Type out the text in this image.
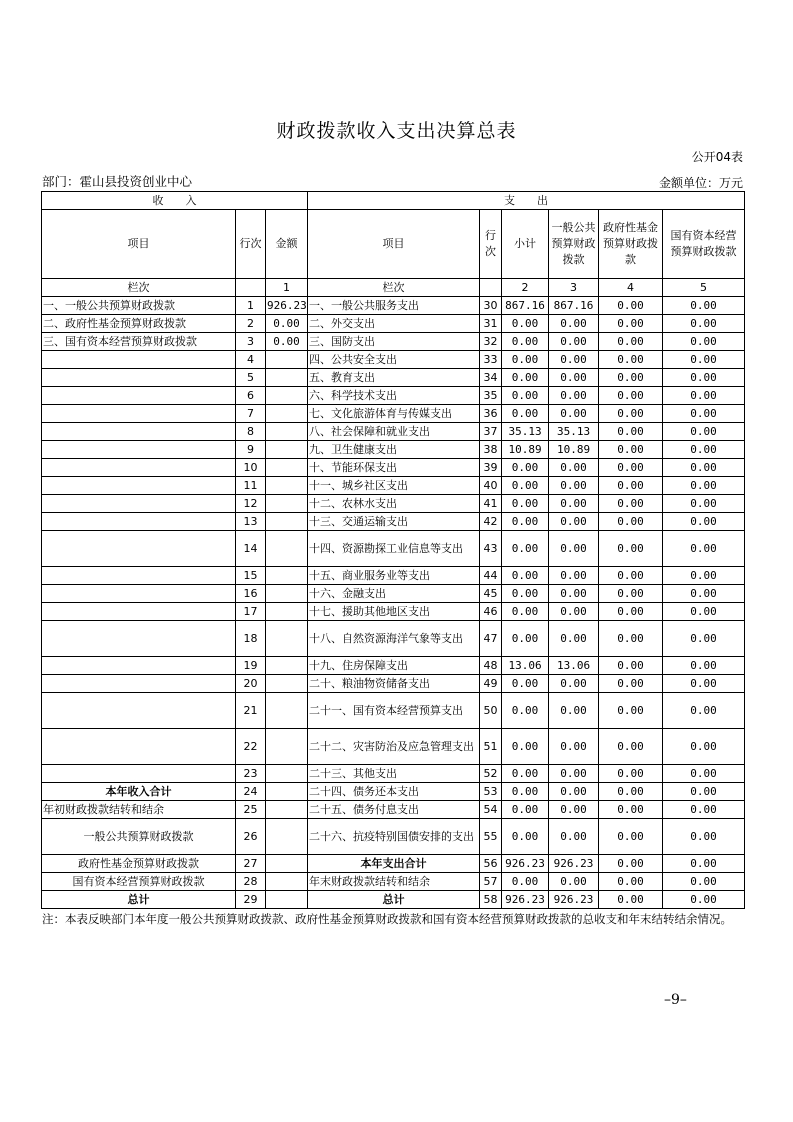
财政拨款收入支出决算总表
公开04表
部门：霍山县投资创业中心	金额单位：万元
收　　入			支　　出					
项目	行次	金额	项目	行次	小计	一般公共预算财政拨款	政府性基金预算财政拨款	国有资本经营预算财政拨款
栏次		1	栏次		2	3	4	5
一、一般公共预算财政拨款	1	926.23	一、一般公共服务支出	30	867.16	867.16	0.00	0.00
二、政府性基金预算财政拨款	2	0.00	二、外交支出	31	0.00	0.00	0.00	0.00
三、国有资本经营预算财政拨款	3	0.00	三、国防支出	32	0.00	0.00	0.00	0.00
	4		四、公共安全支出	33	0.00	0.00	0.00	0.00
	5		五、教育支出	34	0.00	0.00	0.00	0.00
	6		六、科学技术支出	35	0.00	0.00	0.00	0.00
	7		七、文化旅游体育与传媒支出	36	0.00	0.00	0.00	0.00
	8		八、社会保障和就业支出	37	35.13	35.13	0.00	0.00
	9		九、卫生健康支出	38	10.89	10.89	0.00	0.00
	10		十、节能环保支出	39	0.00	0.00	0.00	0.00
	11		十一、城乡社区支出	40	0.00	0.00	0.00	0.00
	12		十二、农林水支出	41	0.00	0.00	0.00	0.00
	13		十三、交通运输支出	42	0.00	0.00	0.00	0.00
	14		十四、资源勘探工业信息等支出	43	0.00	0.00	0.00	0.00
	15		十五、商业服务业等支出	44	0.00	0.00	0.00	0.00
	16		十六、金融支出	45	0.00	0.00	0.00	0.00
	17		十七、援助其他地区支出	46	0.00	0.00	0.00	0.00
	18		十八、自然资源海洋气象等支出	47	0.00	0.00	0.00	0.00
	19		十九、住房保障支出	48	13.06	13.06	0.00	0.00
	20		二十、粮油物资储备支出	49	0.00	0.00	0.00	0.00
	21		二十一、国有资本经营预算支出	50	0.00	0.00	0.00	0.00
	22		二十二、灾害防治及应急管理支出	51	0.00	0.00	0.00	0.00
	23		二十三、其他支出	52	0.00	0.00	0.00	0.00
本年收入合计	24		二十四、债务还本支出	53	0.00	0.00	0.00	0.00
年初财政拨款结转和结余	25		二十五、债务付息支出	54	0.00	0.00	0.00	0.00
一般公共预算财政拨款	26		二十六、抗疫特别国债安排的支出	55	0.00	0.00	0.00	0.00
政府性基金预算财政拨款	27		本年支出合计	56	926.23	926.23	0.00	0.00
国有资本经营预算财政拨款	28		年末财政拨款结转和结余	57	0.00	0.00	0.00	0.00
总计	29		总计	58	926.23	926.23	0.00	0.00
注：本表反映部门本年度一般公共预算财政拨款、政府性基金预算财政拨款和国有资本经营预算财政拨款的总收支和年末结转结余情况。
–9–
